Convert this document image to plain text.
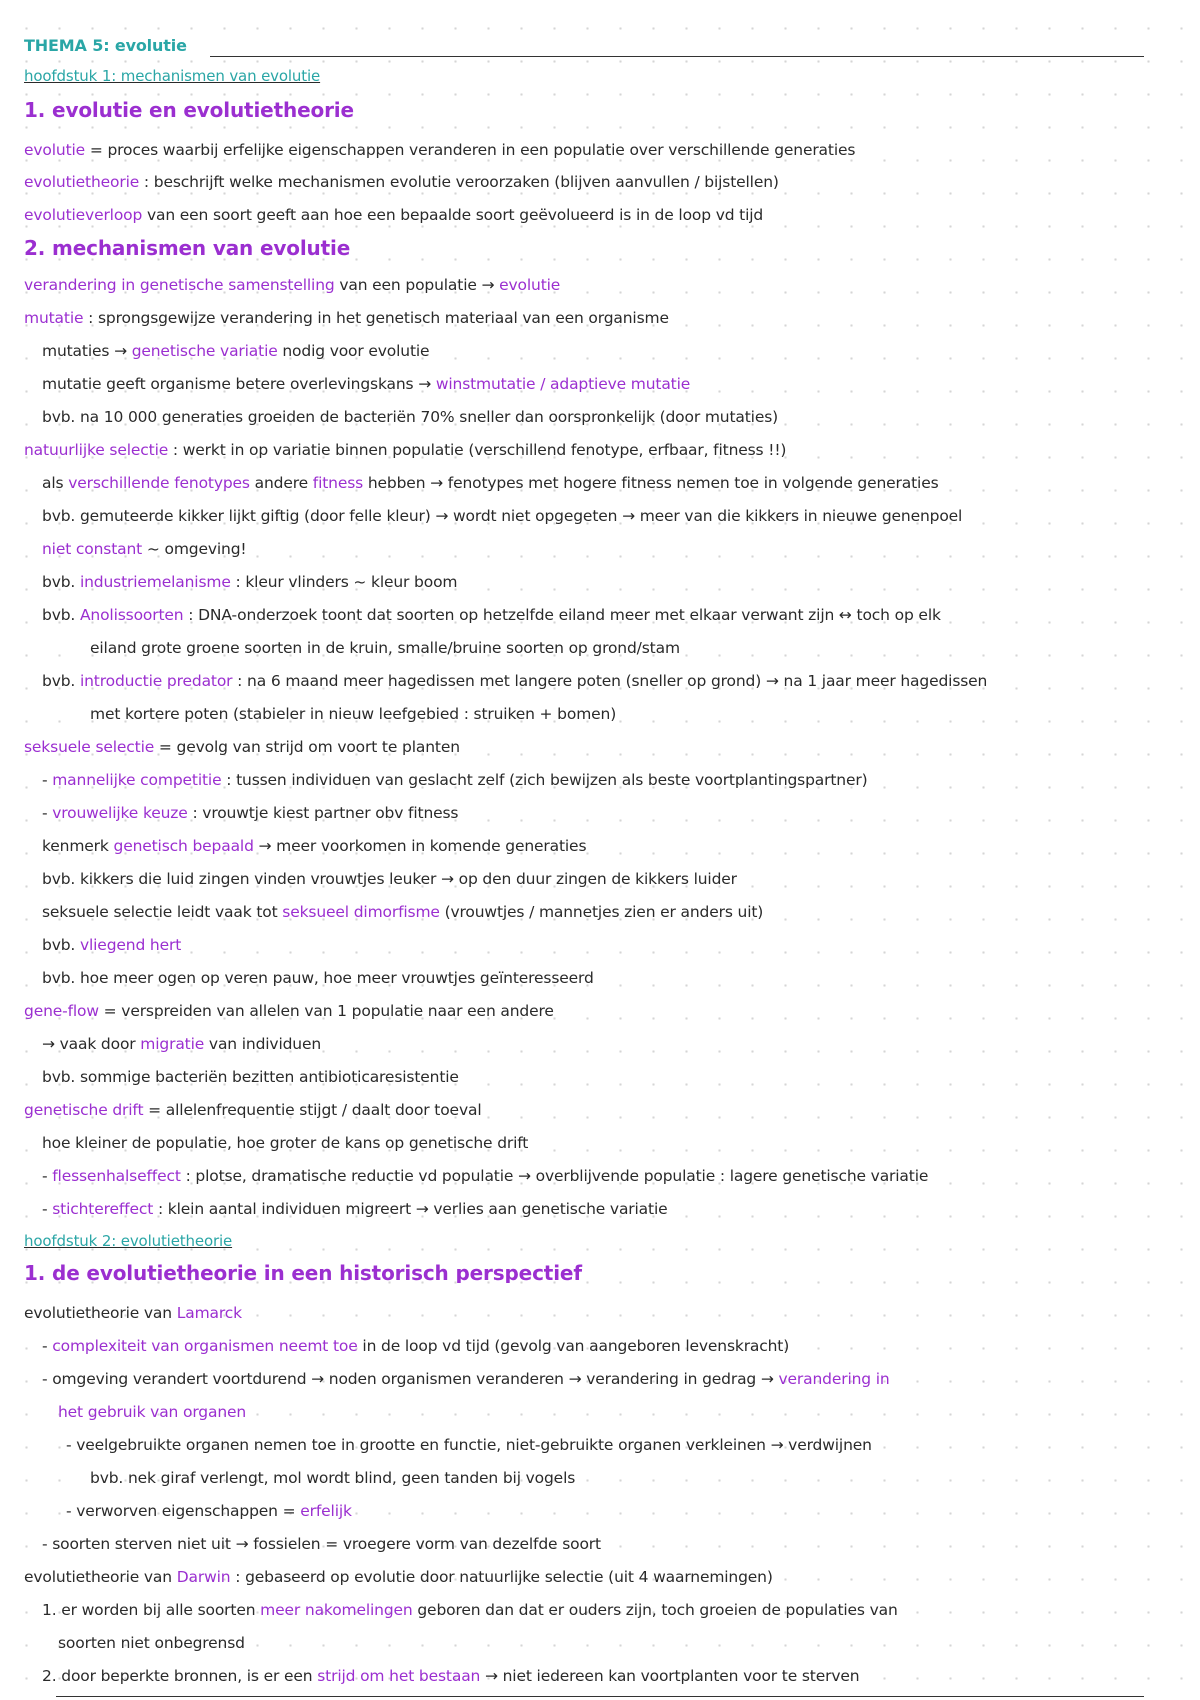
THEMA 5: evolutie
hoofdstuk 1: mechanismen van evolutie
1. evolutie en evolutietheorie
evolutie = proces waarbij erfelijke eigenschappen veranderen in een populatie over verschillende generaties
evolutietheorie : beschrijft welke mechanismen evolutie veroorzaken (blijven aanvullen / bijstellen)
evolutieverloop van een soort geeft aan hoe een bepaalde soort geëvolueerd is in de loop vd tijd
2. mechanismen van evolutie
verandering in genetische samenstelling van een populatie → evolutie
mutatie : sprongsgewijze verandering in het genetisch materiaal van een organisme
mutaties → genetische variatie nodig voor evolutie
mutatie geeft organisme betere overlevingskans → winstmutatie / adaptieve mutatie
bvb. na 10 000 generaties groeiden de bacteriën 70% sneller dan oorspronkelijk (door mutaties)
natuurlijke selectie : werkt in op variatie binnen populatie (verschillend fenotype, erfbaar, fitness !!)
als verschillende fenotypes andere fitness hebben → fenotypes met hogere fitness nemen toe in volgende generaties
bvb. gemuteerde kikker lijkt giftig (door felle kleur) → wordt niet opgegeten → meer van die kikkers in nieuwe genenpoel
niet constant ~ omgeving!
bvb. industriemelanisme : kleur vlinders ~ kleur boom
bvb. Anolissoorten : DNA-onderzoek toont dat soorten op hetzelfde eiland meer met elkaar verwant zijn ↔ toch op elk
eiland grote groene soorten in de kruin, smalle/bruine soorten op grond/stam
bvb. introductie predator : na 6 maand meer hagedissen met langere poten (sneller op grond) → na 1 jaar meer hagedissen
met kortere poten (stabieler in nieuw leefgebied : struiken + bomen)
seksuele selectie = gevolg van strijd om voort te planten
- mannelijke competitie : tussen individuen van geslacht zelf (zich bewijzen als beste voortplantingspartner)
- vrouwelijke keuze : vrouwtje kiest partner obv fitness
kenmerk genetisch bepaald → meer voorkomen in komende generaties
bvb. kikkers die luid zingen vinden vrouwtjes leuker → op den duur zingen de kikkers luider
seksuele selectie leidt vaak tot seksueel dimorfisme (vrouwtjes / mannetjes zien er anders uit)
bvb. vliegend hert
bvb. hoe meer ogen op veren pauw, hoe meer vrouwtjes geïnteresseerd
gene-flow = verspreiden van allelen van 1 populatie naar een andere
→ vaak door migratie van individuen
bvb. sommige bacteriën bezitten antibioticaresistentie
genetische drift = allelenfrequentie stijgt / daalt door toeval
hoe kleiner de populatie, hoe groter de kans op genetische drift
- flessenhalseffect : plotse, dramatische reductie vd populatie → overblijvende populatie : lagere genetische variatie
- stichtereffect : klein aantal individuen migreert → verlies aan genetische variatie
hoofdstuk 2: evolutietheorie
1. de evolutietheorie in een historisch perspectief
evolutietheorie van Lamarck
- complexiteit van organismen neemt toe in de loop vd tijd (gevolg van aangeboren levenskracht)
- omgeving verandert voortdurend → noden organismen veranderen → verandering in gedrag → verandering in
het gebruik van organen
- veelgebruikte organen nemen toe in grootte en functie, niet-gebruikte organen verkleinen → verdwijnen
bvb. nek giraf verlengt, mol wordt blind, geen tanden bij vogels
- verworven eigenschappen = erfelijk
- soorten sterven niet uit → fossielen = vroegere vorm van dezelfde soort
evolutietheorie van Darwin : gebaseerd op evolutie door natuurlijke selectie (uit 4 waarnemingen)
1. er worden bij alle soorten meer nakomelingen geboren dan dat er ouders zijn, toch groeien de populaties van
soorten niet onbegrensd
2. door beperkte bronnen, is er een strijd om het bestaan → niet iedereen kan voortplanten voor te sterven
